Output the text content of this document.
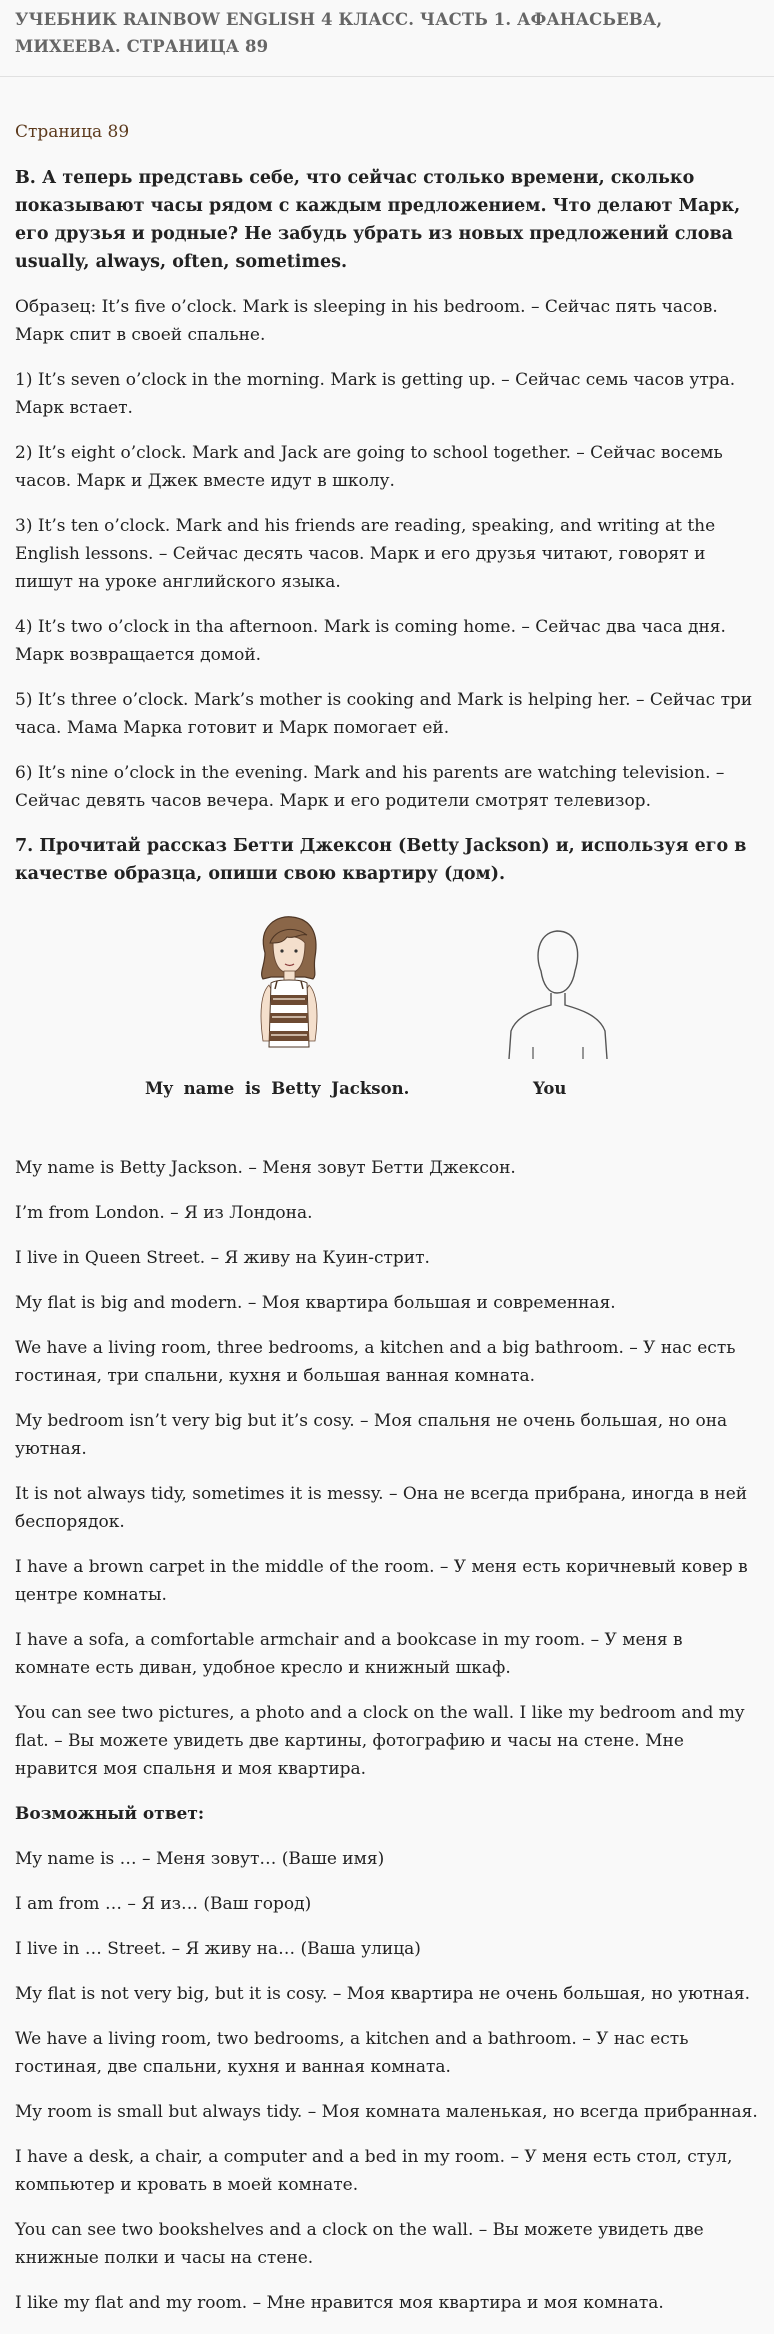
УЧЕБНИК RAINBOW ENGLISH 4 КЛАСС. ЧАСТЬ 1. АФАНАСЬЕВА, МИХЕЕВА. СТРАНИЦА 89
Страница 89

B. А теперь представь себе, что сейчас столько времени, сколько показывают часы рядом с каждым предложением. Что делают Марк, его друзья и родные? Не забудь убрать из новых предложений слова usually, always, often, sometimes.

Образец: It’s five o’clock. Mark is sleeping in his bedroom. – Сейчас пять часов. Марк спит в своей спальне.

1) It’s seven o’clock in the morning. Mark is getting up. – Сейчас семь часов утра. Марк встает.

2) It’s eight o’clock. Mark and Jack are going to school together. – Сейчас восемь часов. Марк и Джек вместе идут в школу.

3) It’s ten o’clock. Mark and his friends are reading, speaking, and writing at the English lessons. – Сейчас десять часов. Марк и его друзья читают, говорят и пишут на уроке английского языка.

4) It’s two o’clock in tha afternoon. Mark is coming home. – Сейчас два часа дня. Марк возвращается домой.

5) It’s three o’clock. Mark’s mother is cooking and Mark is helping her. – Сейчас три часа. Мама Марка готовит и Марк помогает ей.

6) It’s nine o’clock in the evening. Mark and his parents are watching television. – Сейчас девять часов вечера. Марк и его родители смотрят телевизор.

7. Прочитай рассказ Бетти Джексон (Betty Jackson) и, используя его в качестве образца, опиши свою квартиру (дом).

My name is Betty Jackson.	You

My name is Betty Jackson. – Меня зовут Бетти Джексон.

I’m from London. – Я из Лондона.

I live in Queen Street. – Я живу на Куин-стрит.

My flat is big and modern. – Моя квартира большая и современная.

We have a living room, three bedrooms, a kitchen and a big bathroom. – У нас есть гостиная, три спальни, кухня и большая ванная комната.

My bedroom isn’t very big but it’s cosy. – Моя спальня не очень большая, но она уютная.

It is not always tidy, sometimes it is messy. – Она не всегда прибрана, иногда в ней беспорядок.

I have a brown carpet in the middle of the room. – У меня есть коричневый ковер в центре комнаты.

I have a sofa, a comfortable armchair and a bookcase in my room. – У меня в комнате есть диван, удобное кресло и книжный шкаф.

You can see two pictures, a photo and a clock on the wall. I like my bedroom and my flat. – Вы можете увидеть две картины, фотографию и часы на стене. Мне нравится моя спальня и моя квартира.

Возможный ответ:

My name is … – Меня зовут… (Ваше имя)

I am from … – Я из… (Ваш город)

I live in … Street. – Я живу на… (Ваша улица)

My flat is not very big, but it is cosy. – Моя квартира не очень большая, но уютная.

We have a living room, two bedrooms, a kitchen and a bathroom. – У нас есть гостиная, две спальни, кухня и ванная комната.

My room is small but always tidy. – Моя комната маленькая, но всегда прибранная.

I have a desk, a chair, a computer and a bed in my room. – У меня есть стол, стул, компьютер и кровать в моей комнате.

You can see two bookshelves and a clock on the wall. – Вы можете увидеть две книжные полки и часы на стене.

I like my flat and my room. – Мне нравится моя квартира и моя комната.
